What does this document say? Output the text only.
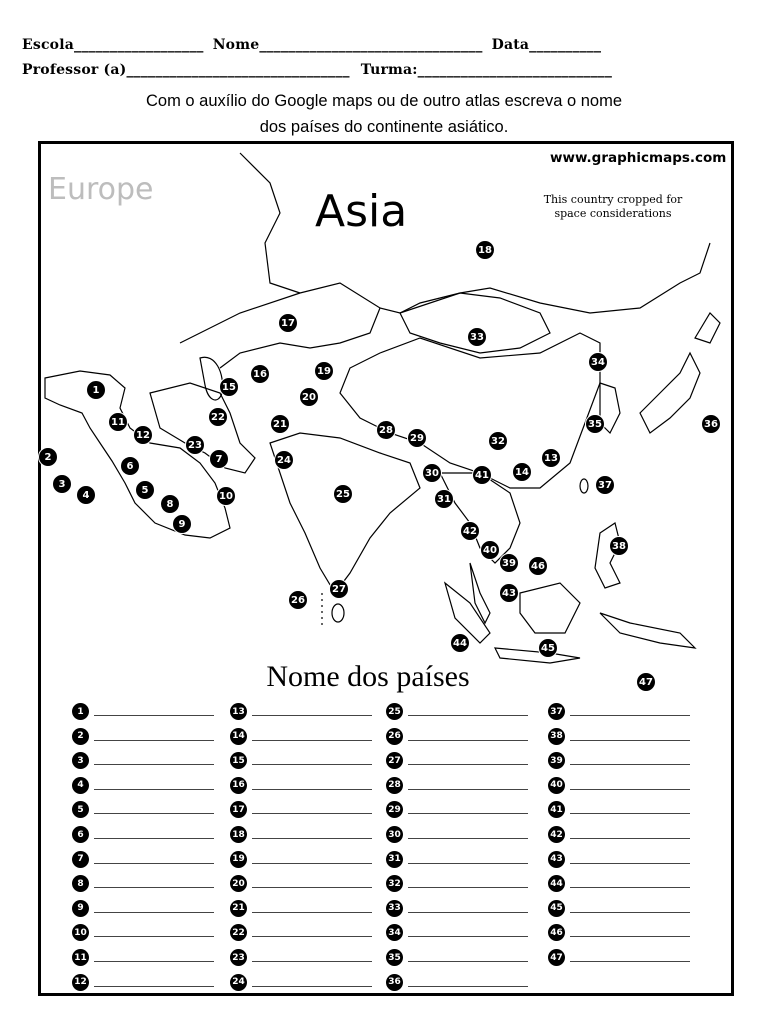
Escola__________________ Nome_______________________________ Data__________
Professor (a)_______________________________ Turma:___________________________
Com o auxílio do Google maps ou de outro atlas escreva o nome
dos países do continente asiático.
Europe	Asia
www.graphicmaps.com
This country cropped for
space considerations
1
2
3
4	5
6
7
8
9
10
11
12
13
14
15
16
17
18
19
20
21
22
23
24
25
26
27
28
29
30
31
32
33
34
35	36
37
38
39
40
41
42
43
44	45
46
47
Nome dos países
1
2
3
4
5
6
7
8
9
10
11
12
13
14
15
16
17
18
19
20
21
22
23
24
25
26
27
28
29
30
31
32
33
34
35
36
37
38
39
40
41
42
43
44
45
46
47
